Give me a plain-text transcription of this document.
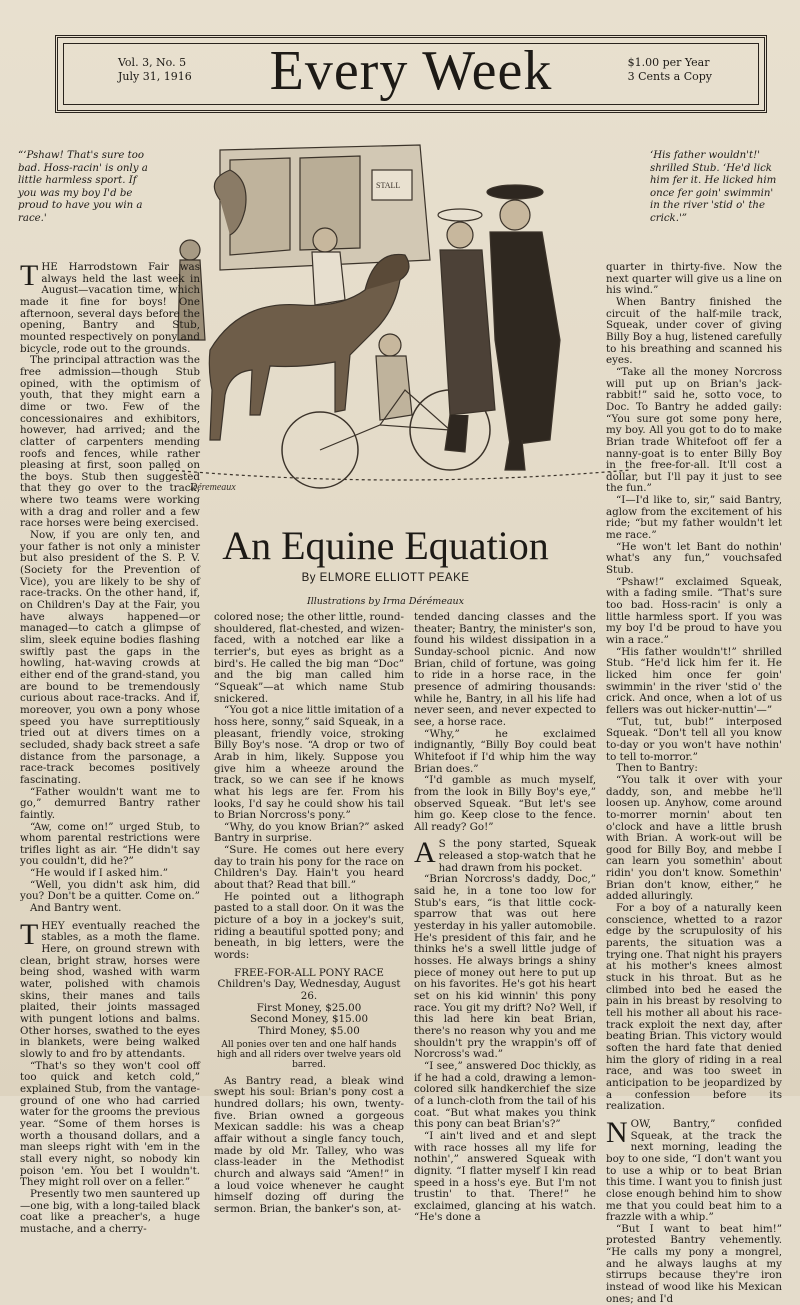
Vol. 3, No. 5
July 31, 1916	Every Week	$1.00 per Year
3 Cents a Copy
“‘Pshaw! That's sure too bad. Hoss-racin' is only a little harmless sport. If you was my boy I'd be proud to have you win a race.'
‘His father wouldn't!' shrilled Stub. ‘He'd lick him fer it. He licked him once fer goin' swimmin' in the river 'stid o' the crick.'”
STALL
Déremeaux
An Equine Equation
By ELMORE ELLIOTT PEAKE
Illustrations by Irma Dérémeaux

THE Harrodstown Fair was always held the last week in August—vacation time, which made it fine for boys! One afternoon, several days before the opening, Bantry and Stub, mounted respectively on pony and bicycle, rode out to the grounds.

The principal attraction was the free admission—though Stub opined, with the optimism of youth, that they might earn a dime or two. Few of the concessionaires and exhibitors, however, had arrived; and the clatter of carpenters mending roofs and fences, while rather pleasing at first, soon palled on the boys. Stub then suggested that they go over to the track, where two teams were working with a drag and roller and a few race horses were being exercised.

Now, if you are only ten, and your father is not only a minister but also president of the S. P. V. (Society for the Prevention of Vice), you are likely to be shy of race-tracks. On the other hand, if, on Children's Day at the Fair, you have always happened—or managed—to catch a glimpse of slim, sleek equine bodies flashing swiftly past the gaps in the howling, hat-waving crowds at either end of the grand-stand, you are bound to be tremendously curious about race-tracks. And if, moreover, you own a pony whose speed you have surreptitiously tried out at divers times on a secluded, shady back street a safe distance from the parsonage, a race-track becomes positively fascinating.

“Father wouldn't want me to go,” demurred Bantry rather faintly.

“Aw, come on!” urged Stub, to whom parental restrictions were trifles light as air. “He didn't say you couldn't, did he?”

“He would if I asked him.”

“Well, you didn't ask him, did you? Don't be a quitter. Come on.”

And Bantry went.

THEY eventually reached the stables, as a moth the flame. Here, on ground strewn with clean, bright straw, horses were being shod, washed with warm water, polished with chamois skins, their manes and tails plaited, their joints massaged with pungent lotions and balms. Other horses, swathed to the eyes in blankets, were being walked slowly to and fro by attendants.

“That's so they won't cool off too quick and ketch cold,” explained Stub, from the vantage-ground of one who had carried water for the grooms the previous year. “Some of them horses is worth a thousand dollars, and a man sleeps right with 'em in the stall every night, so nobody kin poison 'em. You bet I wouldn't. They might roll over on a feller.”

Presently two men sauntered up—one big, with a long-tailed black coat like a preacher's, a huge mustache, and a cherry-

colored nose; the other little, round-shouldered, flat-chested, and wizen-faced, with a notched ear like a terrier's, but eyes as bright as a bird's. He called the big man “Doc” and the big man called him “Squeak”—at which name Stub snickered.

“You got a nice little imitation of a hoss here, sonny,” said Squeak, in a pleasant, friendly voice, stroking Billy Boy's nose. “A drop or two of Arab in him, likely. Suppose you give him a wheeze around the track, so we can see if he knows what his legs are fer. From his looks, I'd say he could show his tail to Brian Norcross's pony.”

“Why, do you know Brian?” asked Bantry in surprise.

“Sure. He comes out here every day to train his pony for the race on Children's Day. Hain't you heard about that? Read that bill.”

He pointed out a lithograph pasted to a stall door. On it was the picture of a boy in a jockey's suit, riding a beautiful spotted pony; and beneath, in big letters, were the words:

FREE-FOR-ALL PONY RACE
Children's Day, Wednesday, August 26.
First Money, $25.00
Second Money, $15.00
Third Money, $5.00
All ponies over ten and one half hands high and all riders over twelve years old barred.

As Bantry read, a bleak wind swept his soul: Brian's pony cost a hundred dollars; his own, twenty-five. Brian owned a gorgeous Mexican saddle: his was a cheap affair without a single fancy touch, made by old Mr. Talley, who was class-leader in the Methodist church and always said “Amen!” in a loud voice whenever he caught himself dozing off during the sermon. Brian, the banker's son, at-

tended dancing classes and the theater; Bantry, the minister's son, found his wildest dissipation in a Sunday-school picnic. And now Brian, child of fortune, was going to ride in a horse race, in the presence of admiring thousands: while he, Bantry, in all his life had never seen, and never expected to see, a horse race.

“Why,” he exclaimed indignantly, “Billy Boy could beat Whitefoot if I'd whip him the way Brian does.”

“I'd gamble as much myself, from the look in Billy Boy's eye,” observed Squeak. “But let's see him go. Keep close to the fence. All ready? Go!”

A S the pony started, Squeak released a stop-watch that he had drawn from his pocket.

“Brian Norcross's daddy, Doc,” said he, in a tone too low for Stub's ears, “is that little cock-sparrow that was out here yesterday in his yaller automobile. He's president of this fair, and he thinks he's a swell little judge of hosses. He always brings a shiny piece of money out here to put up on his favorites. He's got his heart set on his kid winnin' this pony race. You git my drift? No? Well, if this lad here kin beat Brian, there's no reason why you and me shouldn't pry the wrappin's off of Norcross's wad.”

“I see,” answered Doc thickly, as if he had a cold, drawing a lemon-colored silk handkerchief the size of a lunch-cloth from the tail of his coat. “But what makes you think this pony can beat Brian's?”

“I ain't lived and et and slept with race hosses all my life for nothin',” answered Squeak with dignity. “I flatter myself I kin read speed in a hoss's eye. But I'm not trustin' to that. There!” he exclaimed, glancing at his watch. “He's done a

quarter in thirty-five. Now the next quarter will give us a line on his wind.”

When Bantry finished the circuit of the half-mile track, Squeak, under cover of giving Billy Boy a hug, listened carefully to his breathing and scanned his eyes.

“Take all the money Norcross will put up on Brian's jack-rabbit!” said he, sotto voce, to Doc. To Bantry he added gaily: “You sure got some pony here, my boy. All you got to do to make Brian trade Whitefoot off fer a nanny-goat is to enter Billy Boy in the free-for-all. It'll cost a dollar, but I'll pay it just to see the fun.”

“I—I'd like to, sir,” said Bantry, aglow from the excitement of his ride; “but my father wouldn't let me race.”

“He won't let Bant do nothin' what's any fun,” vouchsafed Stub.

“Pshaw!” exclaimed Squeak, with a fading smile. “That's sure too bad. Hoss-racin' is only a little harmless sport. If you was my boy I'd be proud to have you win a race.”

“His father wouldn't!” shrilled Stub. “He'd lick him fer it. He licked him once fer goin' swimmin' in the river 'stid o' the crick. And once, when a lot of us fellers was out hicker-nuttin'—”

“Tut, tut, bub!” interposed Squeak. “Don't tell all you know to-day or you won't have nothin' to tell to-morror.”

Then to Bantry:

“You talk it over with your daddy, son, and mebbe he'll loosen up. Anyhow, come around to-morrer mornin' about ten o'clock and have a little brush with Brian. A work-out will be good for Billy Boy, and mebbe I can learn you somethin' about ridin' you don't know. Somethin' Brian don't know, either,” he added alluringly.

For a boy of a naturally keen conscience, whetted to a razor edge by the scrupulosity of his parents, the situation was a trying one. That night his prayers at his mother's knees almost stuck in his throat. But as he climbed into bed he eased the pain in his breast by resolving to tell his mother all about his race-track exploit the next day, after beating Brian. This victory would soften the hard fate that denied him the glory of riding in a real race, and was too sweet in anticipation to be jeopardized by a confession before its realization.

NOW, Bantry,” confided Squeak, at the track the next morning, leading the boy to one side, “I don't want you to use a whip or to beat Brian this time. I want you to finish just close enough behind him to show me that you could beat him to a frazzle with a whip.”

“But I want to beat him!” protested Bantry vehemently. “He calls my pony a mongrel, and he always laughs at my stirrups because they're iron instead of wood like his Mexican ones; and I'd
